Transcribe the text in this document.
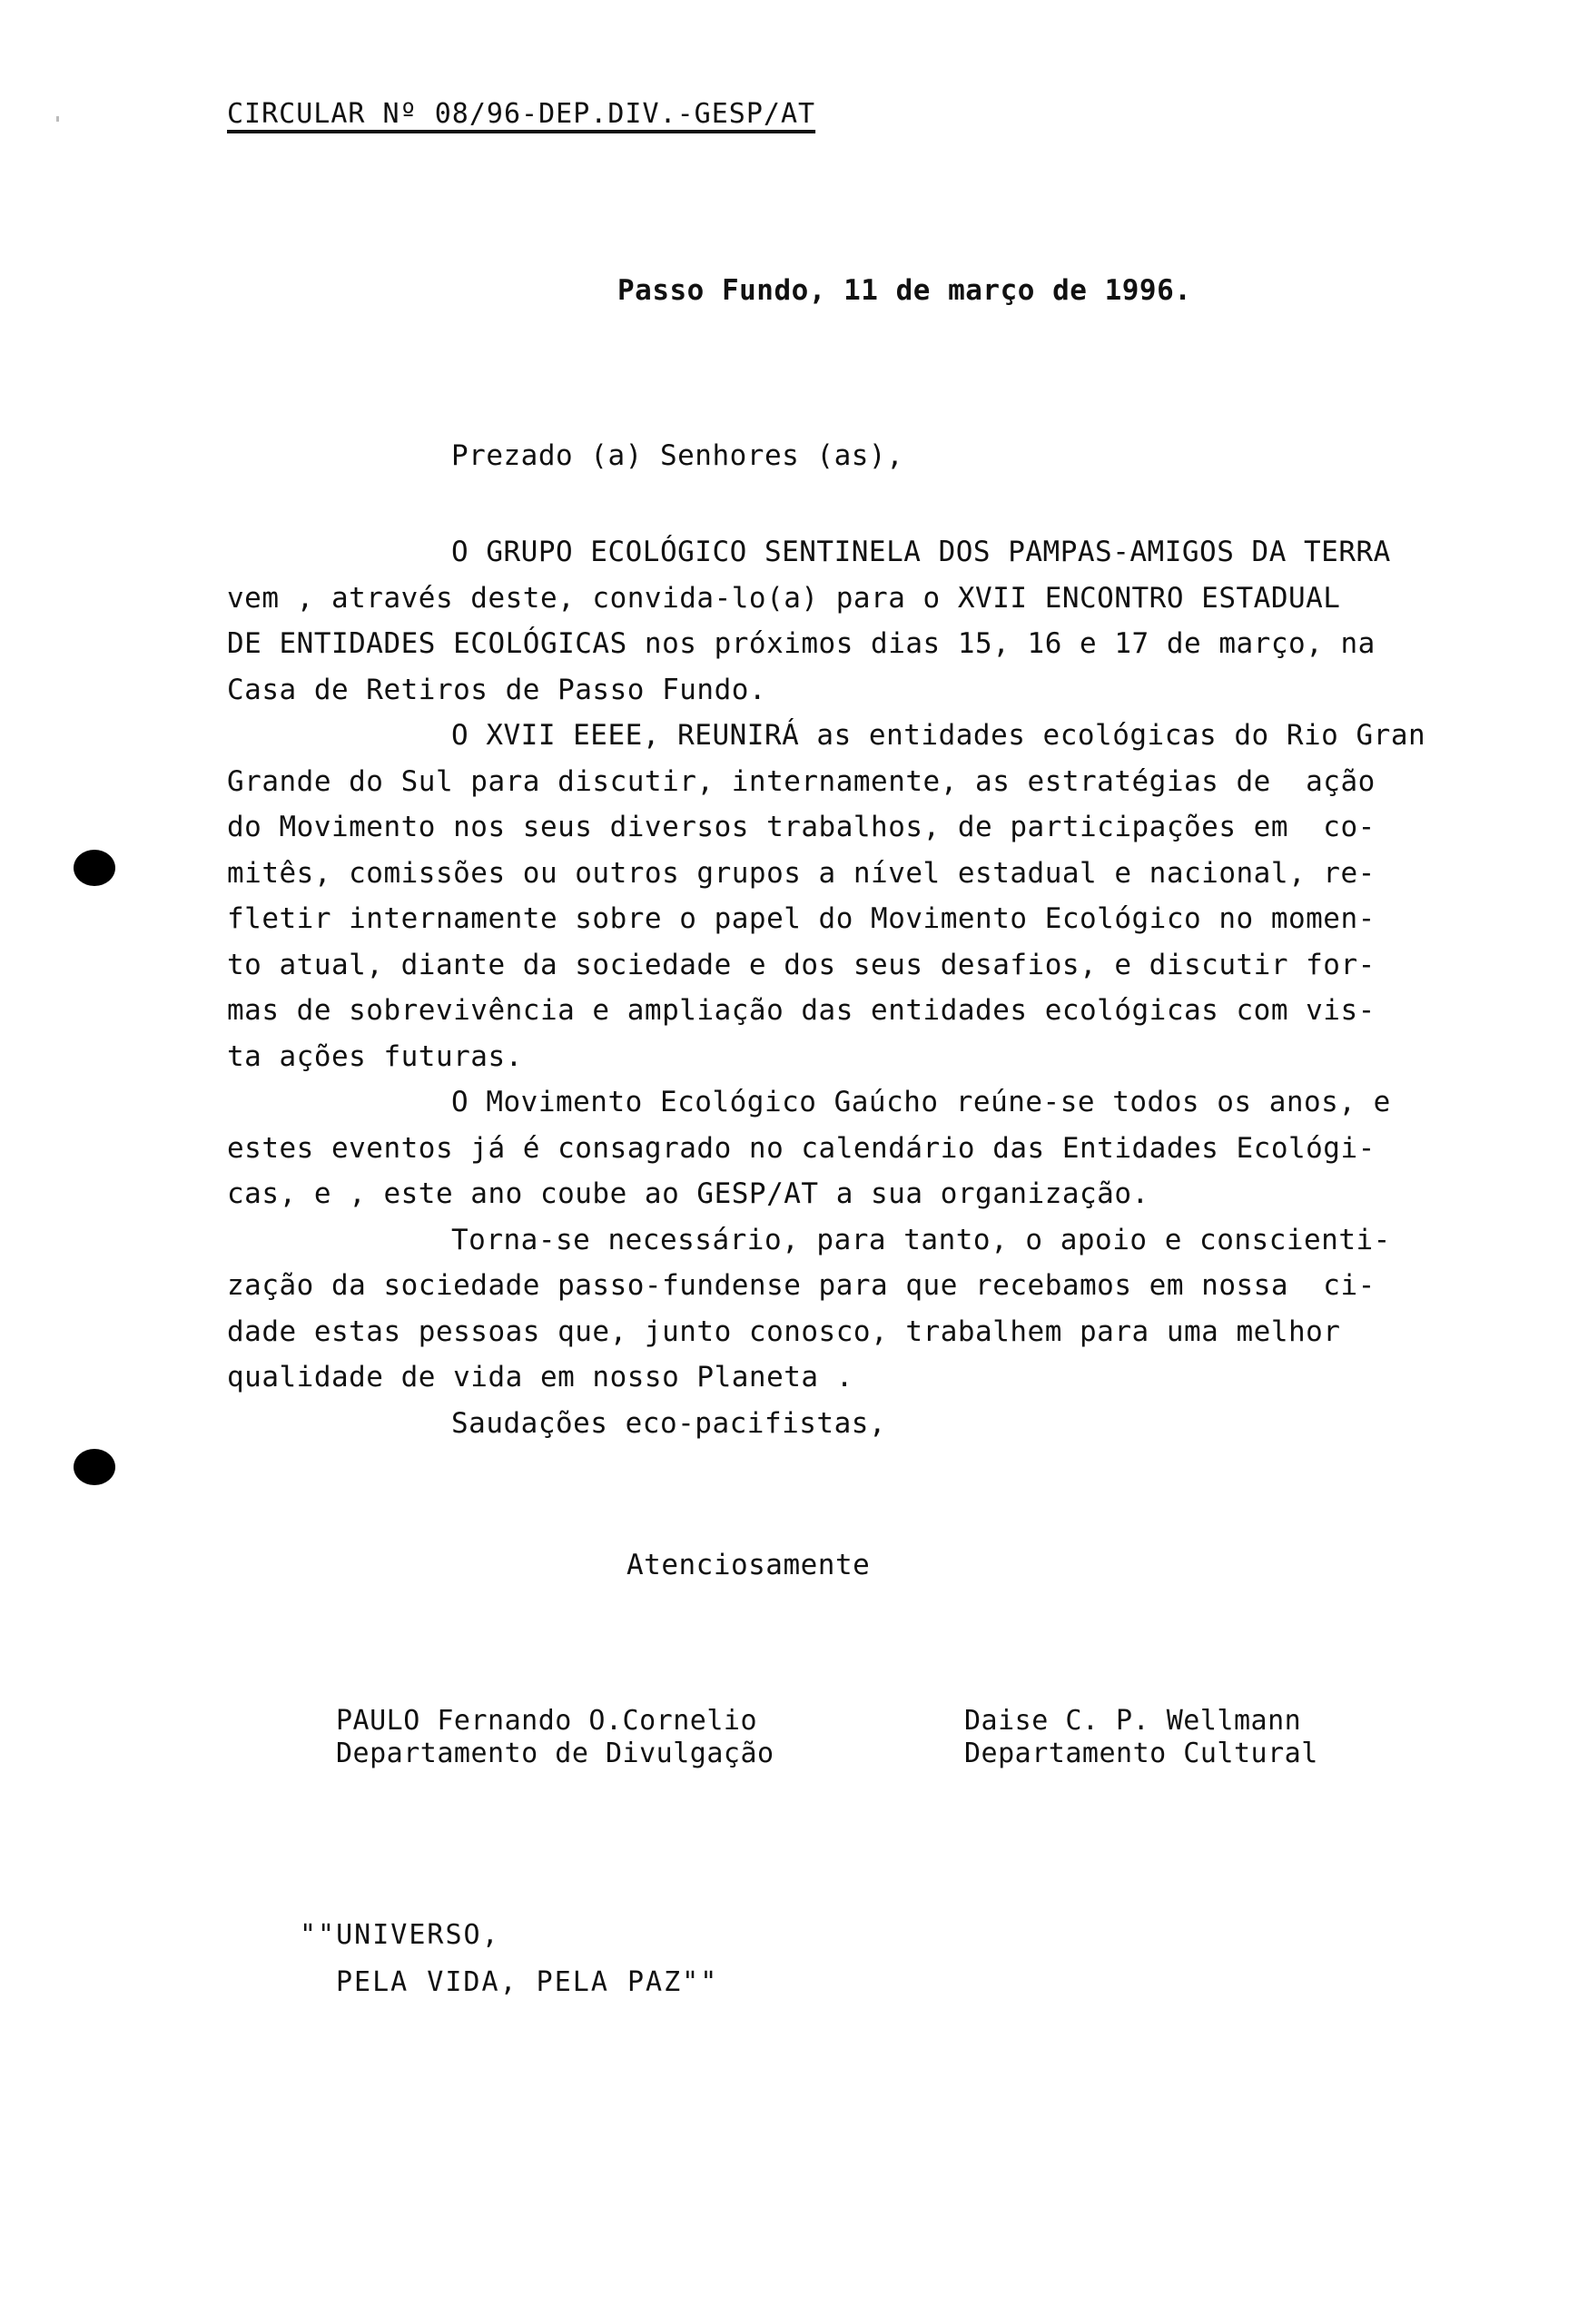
CIRCULAR Nº 08/96-DEP.DIV.-GESP/AT
Passo Fundo, 11 de março de 1996.
Prezado (a) Senhores (as),
O GRUPO ECOLÓGICO SENTINELA DOS PAMPAS-AMIGOS DA TERRA
vem , através deste, convida-lo(a) para o XVII ENCONTRO ESTADUAL
DE ENTIDADES ECOLÓGICAS nos próximos dias 15, 16 e 17 de março, na
Casa de Retiros de Passo Fundo.
O XVII EEEE, REUNIRÁ as entidades ecológicas do Rio Gran
Grande do Sul para discutir, internamente, as estratégias de  ação
do Movimento nos seus diversos trabalhos, de participações em  co-
mitês, comissões ou outros grupos a nível estadual e nacional, re-
fletir internamente sobre o papel do Movimento Ecológico no momen-
to atual, diante da sociedade e dos seus desafios, e discutir for-
mas de sobrevivência e ampliação das entidades ecológicas com vis-
ta ações futuras.
O Movimento Ecológico Gaúcho reúne-se todos os anos, e
estes eventos já é consagrado no calendário das Entidades Ecológi-
cas, e , este ano coube ao GESP/AT a sua organização.
Torna-se necessário, para tanto, o apoio e conscienti-
zação da sociedade passo-fundense para que recebamos em nossa  ci-
dade estas pessoas que, junto conosco, trabalhem para uma melhor
qualidade de vida em nosso Planeta .
Saudações eco-pacifistas,
Atenciosamente
PAULO Fernando O.Cornelio
Departamento de Divulgação
Daise C. P. Wellmann
Departamento Cultural
""UNIVERSO,
PELA VIDA, PELA PAZ""
